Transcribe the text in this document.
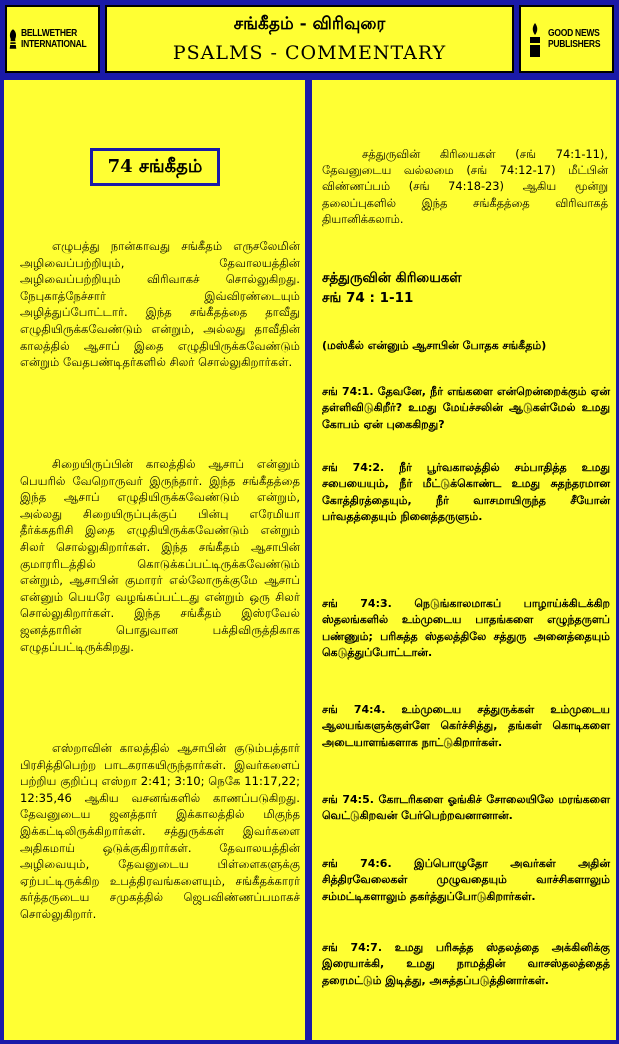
BELLWETHER
INTERNATIONAL
சங்கீதம் - விரிவுரை
PSALMS - COMMENTARY
GOOD NEWS
PUBLISHERS
74 சங்கீதம்

எழுபத்து நான்காவது சங்கீதம் எருசலேமின் அழிவைப்பற்றியும், தேவாலயத்தின் அழிவைப்பற்றியும் விரிவாகச் சொல்லுகிறது. நேபுகாத்நேச்சார் இவ்விரண்டையும் அழித்துப்போட்டார். இந்த சங்கீதத்தை தாவீது எழுதியிருக்கவேண்டும் என்றும், அல்லது தாவீதின் காலத்தில் ஆசாப் இதை எழுதியிருக்கவேண்டும் என்றும் வேதபண்டிதர்களில் சிலர் சொல்லுகிறார்கள்.

சிறையிருப்பின் காலத்தில் ஆசாப் என்னும் பெயரில் வேறொருவர் இருந்தார். இந்த சங்கீதத்தை இந்த ஆசாப் எழுதியிருக்கவேண்டும் என்றும், அல்லது சிறையிருப்புக்குப் பின்பு எரேமியா தீர்க்கதரிசி இதை எழுதியிருக்கவேண்டும் என்றும் சிலர் சொல்லுகிறார்கள். இந்த சங்கீதம் ஆசாபின் குமாரரிடத்தில் கொடுக்கப்பட்டிருக்கவேண்டும் என்றும், ஆசாபின் குமாரர் எல்லோருக்குமே ஆசாப் என்னும் பெயரே வழங்கப்பட்டது என்றும் ஒரு சிலர் சொல்லுகிறார்கள். இந்த சங்கீதம் இஸ்ரவேல் ஜனத்தாரின் பொதுவான பக்திவிருத்திகாக எழுதப்பட்டிருக்கிறது.

எஸ்றாவின் காலத்தில் ஆசாபின் குடும்பத்தார் பிரசித்திபெற்ற பாடகராகயிருந்தார்கள். இவர்களைப் பற்றிய குறிப்பு எஸ்றா 2:41; 3:10; நெகே 11:17,22; 12:35,46 ஆகிய வசனங்களில் காணப்படுகிறது. தேவனுடைய ஜனத்தார் இக்காலத்தில் மிகுந்த இக்கட்டிலிருக்கிறார்கள். சத்துருக்கள் இவர்களை அதிகமாய் ஒடுக்குகிறார்கள். தேவாலயத்தின் அழிவையும், தேவனுடைய பிள்ளைகளுக்கு ஏற்பட்டிருக்கிற உபத்திரவங்களையும், சங்கீதக்காரர் கர்த்தருடைய சமுகத்தில் ஜெபவிண்ணப்பமாகச் சொல்லுகிறார்.

சத்துருவின் கிரியைகள் (சங் 74:1-11), தேவனுடைய வல்லமை (சங் 74:12-17) மீட்பின் விண்ணப்பம் (சங் 74:18-23) ஆகிய மூன்று தலைப்புகளில் இந்த சங்கீதத்தை விரிவாகத் தியானிக்கலாம்.

சத்துருவின் கிரியைகள்
சங் 74 : 1-11

(மஸ்கீல் என்னும் ஆசாபின் போதக சங்கீதம்)

சங் 74:1. தேவனே, நீர் எங்களை என்றென்றைக்கும் ஏன் தள்ளிவிடுகிறீர்? உமது மேய்ச்சலின் ஆடுகள்மேல் உமது கோபம் ஏன் புகைகிறது?

சங் 74:2. நீர் பூர்வகாலத்தில் சம்பாதித்த உமது சபையையும், நீர் மீட்டுக்கொண்ட உமது சுதந்தரமான கோத்திரத்தையும், நீர் வாசமாயிருந்த சீயோன் பர்வதத்தையும் நினைத்தருளும்.

சங் 74:3. நெடுங்காலமாகப் பாழாய்க்கிடக்கிற ஸ்தலங்களில் உம்முடைய பாதங்களை எழுந்தருளப் பண்ணும்; பரிசுத்த ஸ்தலத்திலே சத்துரு அனைத்தையும் கெடுத்துப்போட்டான்.

சங் 74:4. உம்முடைய சத்துருக்கள் உம்முடைய ஆலயங்களுக்குள்ளே கெர்ச்சித்து, தங்கள் கொடிகளை அடையாளங்களாக நாட்டுகிறார்கள்.

சங் 74:5. கோடரிகளை ஓங்கிச் சோலையிலே மரங்களை வெட்டுகிறவன் பேர்பெற்றவனானான்.

சங் 74:6. இப்பொழுதோ அவர்கள் அதின் சித்திரவேலைகள் முழுவதையும் வாச்சிகளாலும் சம்மட்டிகளாலும் தகர்த்துப்போடுகிறார்கள்.

சங் 74:7. உமது பரிசுத்த ஸ்தலத்தை அக்கினிக்கு இரையாக்கி, உமது நாமத்தின் வாசஸ்தலத்தைத் தரைமட்டும் இடித்து, அசுத்தப்படுத்தினார்கள்.
